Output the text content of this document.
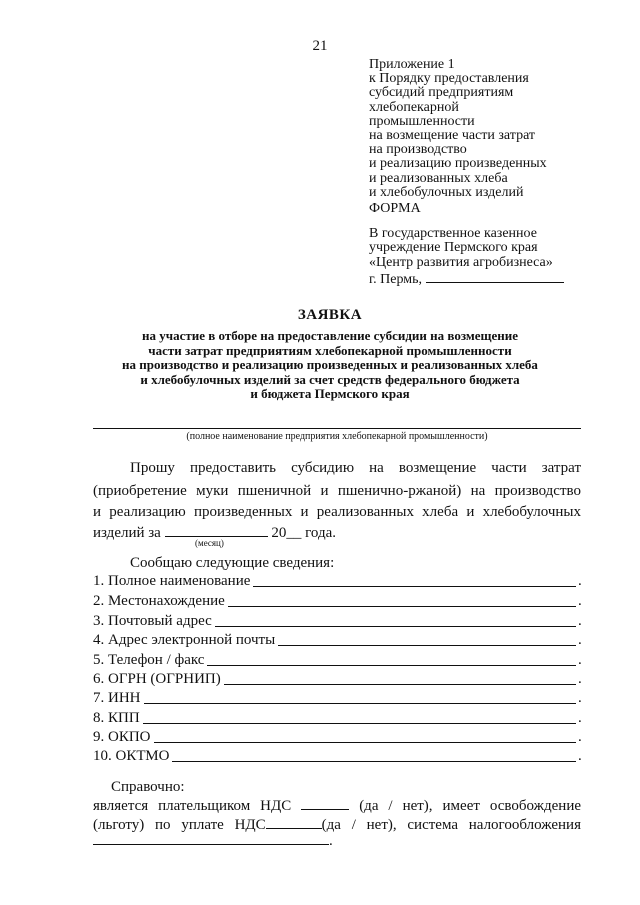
21
Приложение 1
к Порядку предоставления
субсидий предприятиям
хлебопекарной
промышленности
на возмещение части затрат
на производство
и реализацию произведенных
и реализованных хлеба
и хлебобулочных изделий
ФОРМА
В государственное казенное
учреждение Пермского края
«Центр развития агробизнеса»
г. Пермь,
ЗАЯВКА
на участие в отборе на предоставление субсидии на возмещение
части затрат предприятиям хлебопекарной промышленности
на производство и реализацию произведенных и реализованных хлеба
и хлебобулочных изделий за счет средств федерального бюджета
и бюджета Пермского края
(полное наименование предприятия хлебопекарной промышленности)
Прошу предоставить субсидию на возмещение части затрат
(приобретение муки пшеничной и пшенично-ржаной) на производство
и реализацию произведенных и реализованных хлеба и хлебобулочных
изделий за	20__ года.
(месяц)
Сообщаю следующие сведения:
1. Полное наименование	.
2. Местонахождение	.
3. Почтовый адрес	.
4. Адрес электронной почты	.
5. Телефон / факс	.
6. ОГРН (ОГРНИП)	.
7. ИНН	.
8. КПП	.
9. ОКПО	.
10. ОКТМО	.
Справочно:
является плательщиком НДС	(да / нет), имеет освобождение
(льготу) по уплате НДС	(да / нет), система налогообложения
.
